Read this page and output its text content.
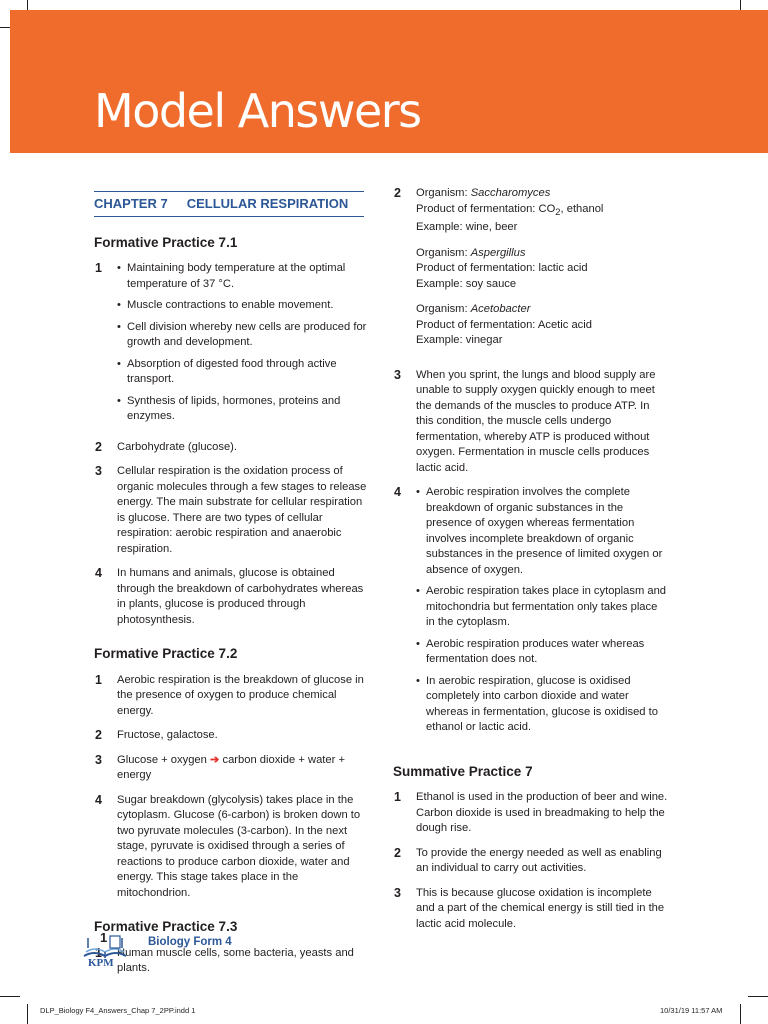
Model Answers
CHAPTER 7 CELLULAR RESPIRATION
Formative Practice 7.1
1	• Maintaining body temperature at the optimal temperature of 37 °C.
• Muscle contractions to enable movement.
• Cell division whereby new cells are produced for growth and development.
• Absorption of digested food through active transport.
• Synthesis of lipids, hormones, proteins and enzymes.
2	Carbohydrate (glucose).
3	Cellular respiration is the oxidation process of organic molecules through a few stages to release energy. The main substrate for cellular respiration is glucose. There are two types of cellular respiration: aerobic respiration and anaerobic respiration.
4	In humans and animals, glucose is obtained through the breakdown of carbohydrates whereas in plants, glucose is produced through photosynthesis.
Formative Practice 7.2
1	Aerobic respiration is the breakdown of glucose in the presence of oxygen to produce chemical energy.
2	Fructose, galactose.
3	Glucose + oxygen ➔ carbon dioxide + water + energy
4	Sugar breakdown (glycolysis) takes place in the cytoplasm. Glucose (6-carbon) is broken down to two pyruvate molecules (3-carbon). In the next stage, pyruvate is oxidised through a series of reactions to produce carbon dioxide, water and energy. This stage takes place in the mitochondrion.
Formative Practice 7.3
1	Human muscle cells, some bacteria, yeasts and plants.
2	Organism: Saccharomyces
Product of fermentation: $CO_2$, ethanol
Example: wine, beer
Organism: Aspergillus
Product of fermentation: lactic acid
Example: soy sauce
Organism: Acetobacter
Product of fermentation: Acetic acid
Example: vinegar
3	When you sprint, the lungs and blood supply are unable to supply oxygen quickly enough to meet the demands of the muscles to produce ATP. In this condition, the muscle cells undergo fermentation, whereby ATP is produced without oxygen. Fermentation in muscle cells produces lactic acid.
4	• Aerobic respiration involves the complete breakdown of organic substances in the presence of oxygen whereas fermentation involves incomplete breakdown of organic substances in the presence of limited oxygen or absence of oxygen.
• Aerobic respiration takes place in cytoplasm and mitochondria but fermentation only takes place in the cytoplasm.
• Aerobic respiration produces water whereas fermentation does not.
• In aerobic respiration, glucose is oxidised completely into carbon dioxide and water whereas in fermentation, glucose is oxidised to ethanol or lactic acid.
Summative Practice 7
1	Ethanol is used in the production of beer and wine. Carbon dioxide is used in breadmaking to help the dough rise.
2	To provide the energy needed as well as enabling an individual to carry out activities.
3	This is because glucose oxidation is incomplete and a part of the chemical energy is still tied in the lactic acid molecule.
1
KPM
Biology Form 4
DLP_Biology F4_Answers_Chap 7_2PP.indd 1	10/31/19 11:57 AM
